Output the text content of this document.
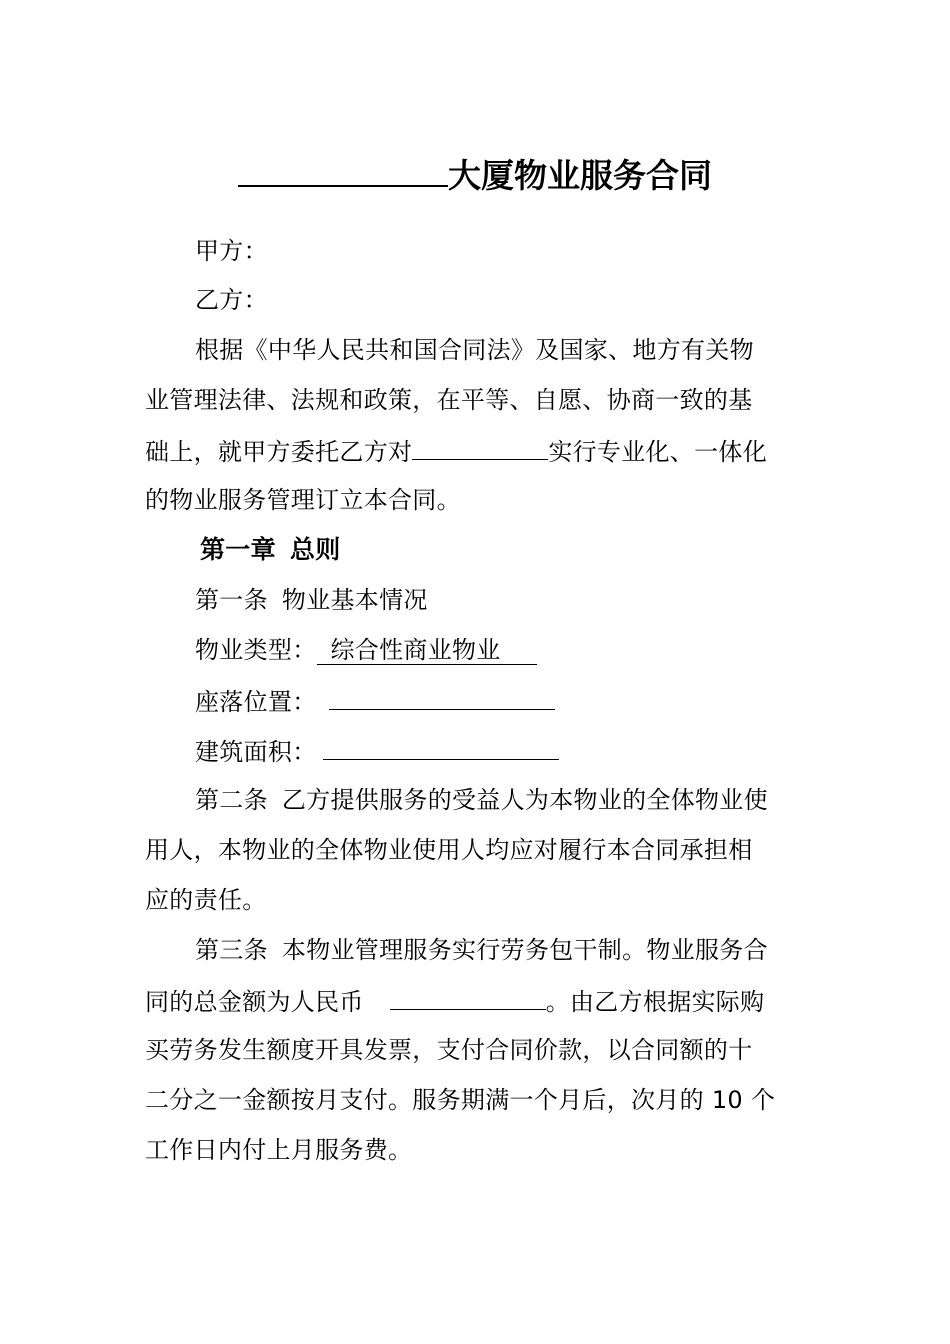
大厦物业服务合同
甲方：
乙方：
根据《中华人民共和国合同法》及国家、地方有关物
业管理法律、法规和政策，在平等、自愿、协商一致的基
础上，就甲方委托乙方对	实行专业化、一体化
的物业服务管理订立本合同。
第一章 总则
第一条 物业基本情况
物业类型： 综合性商业物业
座落位置：
建筑面积：
第二条 乙方提供服务的受益人为本物业的全体物业使
用人，本物业的全体物业使用人均应对履行本合同承担相
应的责任。
第三条 本物业管理服务实行劳务包干制。物业服务合
同的总金额为人民币	。由乙方根据实际购
买劳务发生额度开具发票，支付合同价款，以合同额的十
二分之一金额按月支付。服务期满一个月后，次月的 10 个
工作日内付上月服务费。
